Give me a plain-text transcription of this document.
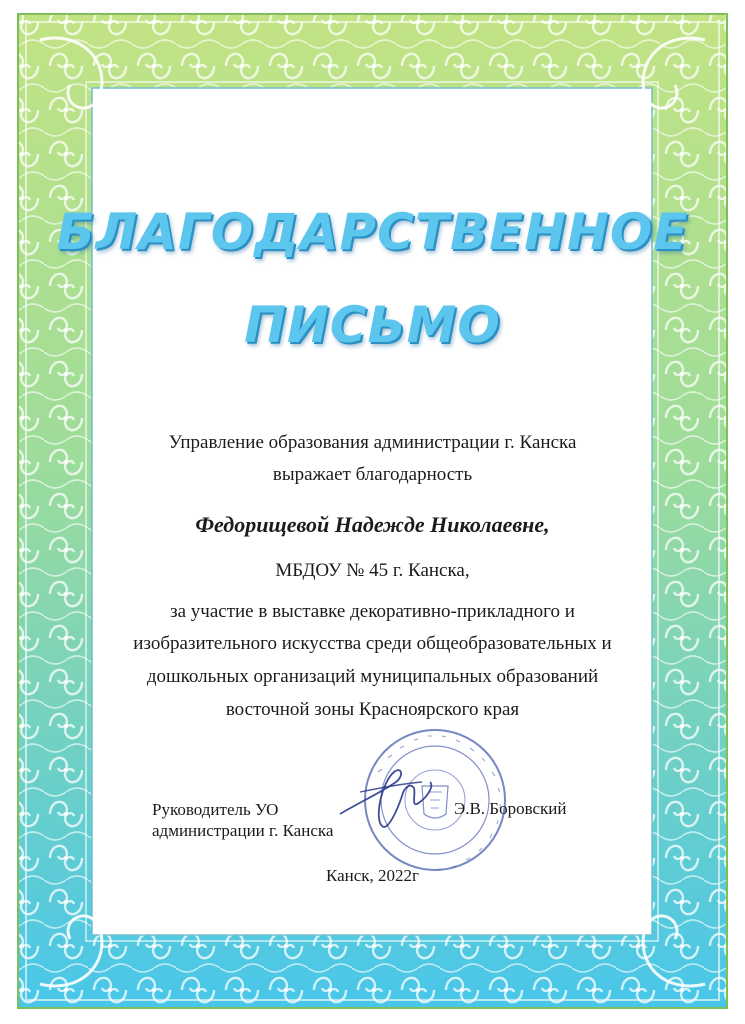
БЛАГОДАРСТВЕННОЕ
ПИСЬМО
Управление образования администрации г. Канска
выражает благодарность
Федорищевой Надежде Николаевне,
МБДОУ № 45 г. Канска,
за участие в выставке декоративно-прикладного и
изобразительного искусства среди общеобразовательных и
дошкольных организаций муниципальных образований
восточной зоны Красноярского края
Руководитель УО
администрации г. Канска
Э.В. Боровский
Канск, 2022г
